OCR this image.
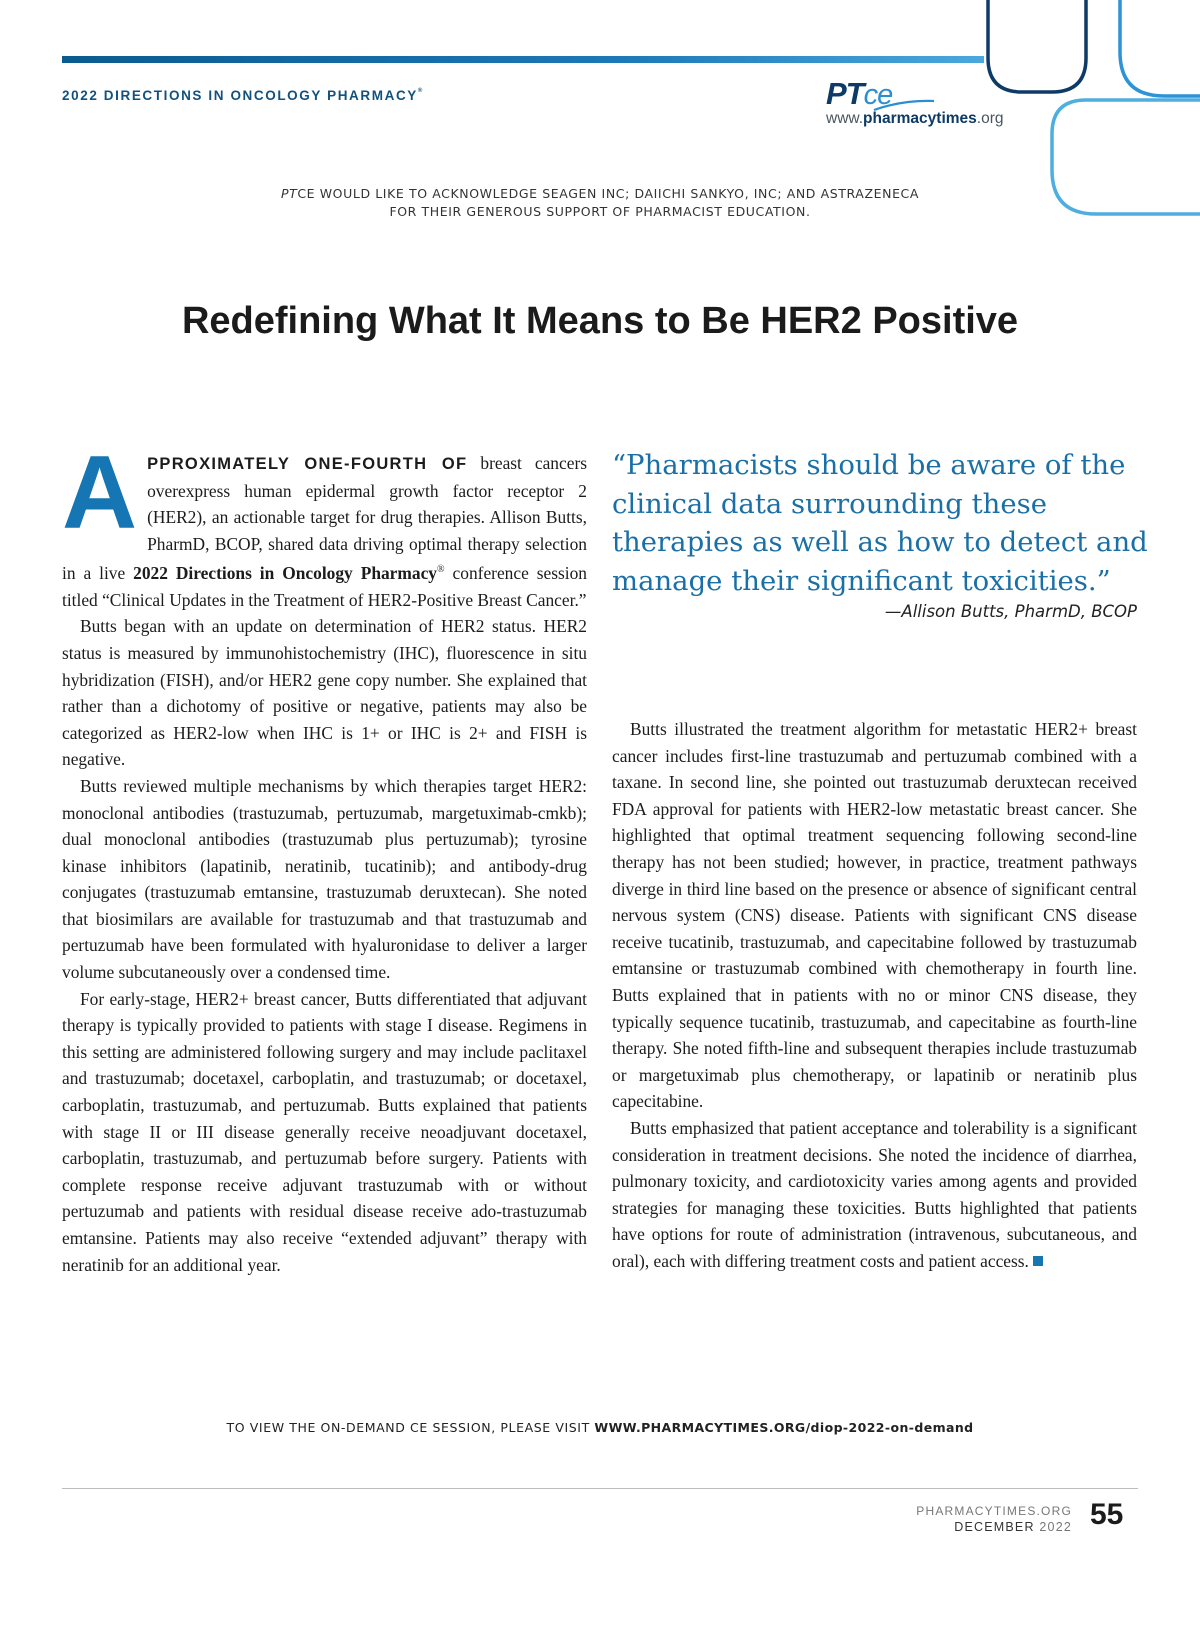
2022 DIRECTIONS IN ONCOLOGY PHARMACY®	PTce
www.pharmacytimes.org
PTCE WOULD LIKE TO ACKNOWLEDGE SEAGEN INC; DAIICHI SANKYO, INC; AND ASTRAZENECA
FOR THEIR GENEROUS SUPPORT OF PHARMACIST EDUCATION.
Redefining What It Means to Be HER2 Positive

APPROXIMATELY ONE-FOURTH OF breast cancers overexpress human epidermal growth factor receptor 2 (HER2), an actionable target for drug therapies. Allison Butts, PharmD, BCOP, shared data driving optimal therapy selection in a live 2022 Directions in Oncology Pharmacy® conference session titled “Clinical Updates in the Treatment of HER2-Positive Breast Cancer.”

Butts began with an update on determination of HER2 status. HER2 status is measured by immunohistochemistry (IHC), fluorescence in situ hybridization (FISH), and/or HER2 gene copy number. She explained that rather than a dichotomy of positive or negative, patients may also be categorized as HER2-low when IHC is 1+ or IHC is 2+ and FISH is negative.

Butts reviewed multiple mechanisms by which therapies target HER2: monoclonal antibodies (trastuzumab, pertuzumab, margetuximab-cmkb); dual monoclonal antibodies (trastuzumab plus pertuzumab); tyrosine kinase inhibitors (lapatinib, neratinib, tucatinib); and antibody-drug conjugates (trastuzumab emtansine, trastuzumab deruxtecan). She noted that biosimilars are available for trastuzumab and that trastuzumab and pertuzumab have been formulated with hyaluronidase to deliver a larger volume subcutaneously over a condensed time.

For early-stage, HER2+ breast cancer, Butts differentiated that adjuvant therapy is typically provided to patients with stage I disease. Regimens in this setting are administered following surgery and may include paclitaxel and trastuzumab; docetaxel, carboplatin, and trastuzumab; or docetaxel, carboplatin, trastuzumab, and pertuzumab. Butts explained that patients with stage II or III disease generally receive neoadjuvant docetaxel, carboplatin, trastuzumab, and pertuzumab before surgery. Patients with complete response receive adjuvant trastuzumab with or without pertuzumab and patients with residual disease receive ado-trastuzumab emtansine. Patients may also receive “extended adjuvant” therapy with neratinib for an additional year.

“Pharmacists should be aware of the clinical data surrounding these therapies as well as how to detect and manage their significant toxicities.”
—Allison Butts, PharmD, BCOP

Butts illustrated the treatment algorithm for metastatic HER2+ breast cancer includes first-line trastuzumab and pertuzumab combined with a taxane. In second line, she pointed out trastuzumab deruxtecan received FDA approval for patients with HER2-low metastatic breast cancer. She highlighted that optimal treatment sequencing following second-line therapy has not been studied; however, in practice, treatment pathways diverge in third line based on the presence or absence of significant central nervous system (CNS) disease. Patients with significant CNS disease receive tucatinib, trastuzumab, and capecitabine followed by trastuzumab emtansine or trastuzumab combined with chemotherapy in fourth line. Butts explained that in patients with no or minor CNS disease, they typically sequence tucatinib, trastuzumab, and capecitabine as fourth-line therapy. She noted fifth-line and subsequent therapies include trastuzumab or margetuximab plus chemotherapy, or lapatinib or neratinib plus capecitabine.

Butts emphasized that patient acceptance and tolerability is a significant consideration in treatment decisions. She noted the incidence of diarrhea, pulmonary toxicity, and cardiotoxicity varies among agents and provided strategies for managing these toxicities. Butts highlighted that patients have options for route of administration (intravenous, subcutaneous, and oral), each with differing treatment costs and patient access.

TO VIEW THE ON-DEMAND CE SESSION, PLEASE VISIT WWW.PHARMACYTIMES.ORG/diop-2022-on-demand
PHARMACYTIMES.ORG
DECEMBER 2022 55
